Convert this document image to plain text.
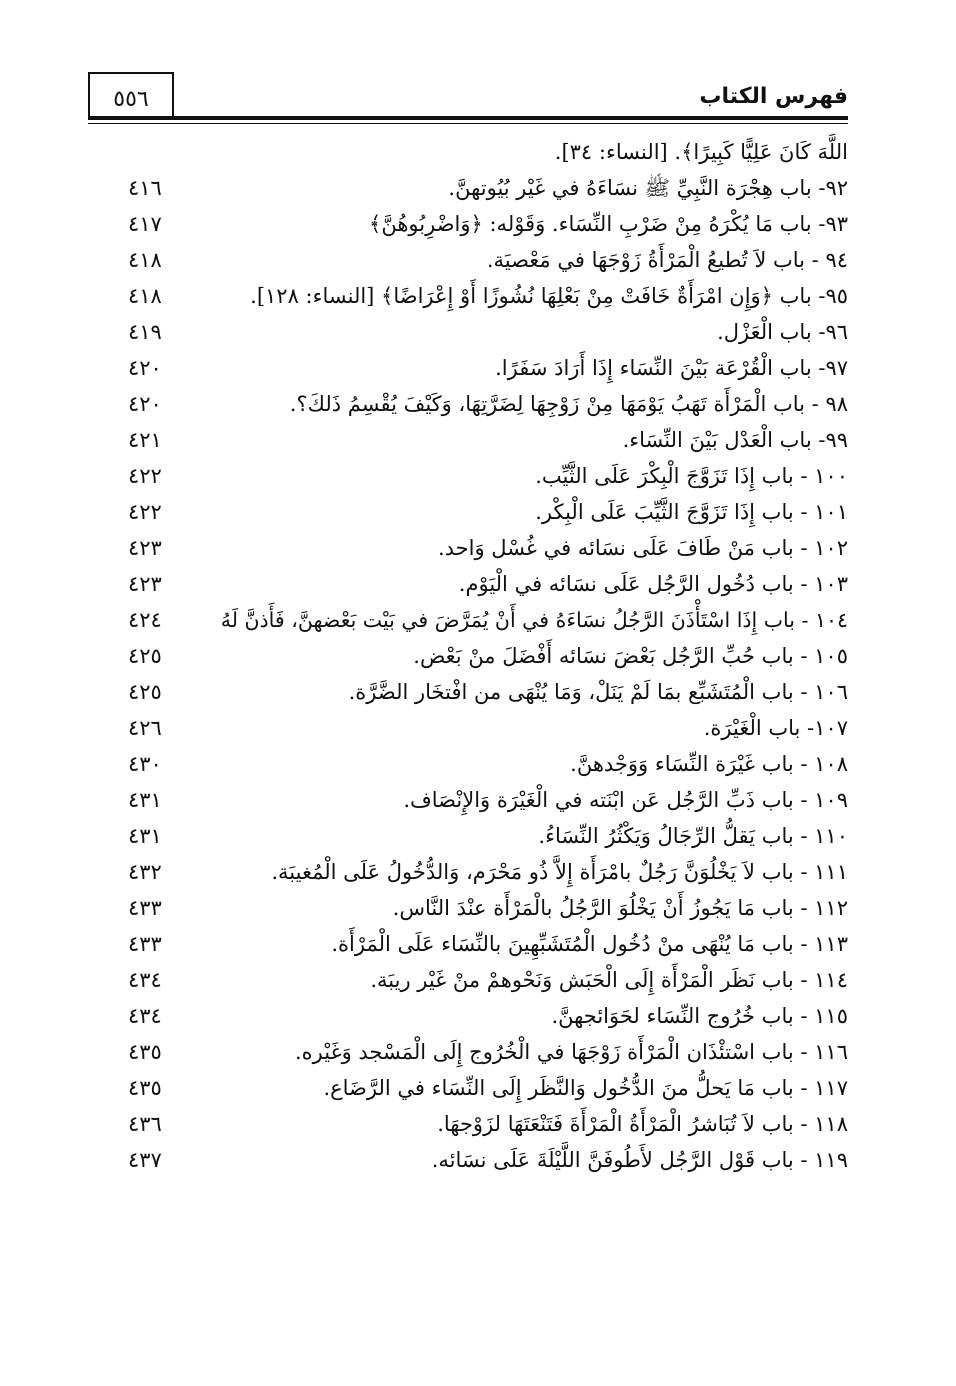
٥٥٦	فهرس الكتاب
اللَّهَ كَانَ عَلِيًّا كَبِيرًا﴾. [النساء: ٣٤].
٩٢- باب هِجْرَة النَّبِيِّ ﷺ نسَاءَهُ في غَيْر بُيُوتهنَّ.
٤١٦
٩٣- باب مَا يُكْرَهُ مِنْ ضَرْبِ النِّسَاء. وَقَوْله: ﴿وَاضْرِبُوهُنَّ﴾
٤١٧
٩٤ - باب لاَ تُطيعُ الْمَرْأَةُ زَوْجَهَا في مَعْصيَة.
٤١٨
٩٥- باب ﴿وَإِن امْرَأَةٌ خَافَتْ مِنْ بَعْلِهَا نُشُوزًا أَوْ إِعْرَاضًا﴾ [النساء: ١٢٨].
٤١٨
٩٦- باب الْعَزْل.
٤١٩
٩٧- باب الْقُرْعَة بَيْنَ النِّسَاء إِذَا أَرَادَ سَفَرًا.
٤٢٠
٩٨ - باب الْمَرْأَة تَهَبُ يَوْمَهَا مِنْ زَوْجِهَا لِضَرَّتِهَا، وَكَيْفَ يُقْسِمُ ذَلكَ؟.
٤٢٠
٩٩- باب الْعَدْل بَيْنَ النِّسَاء.
٤٢١
١٠٠ - باب إِذَا تَزَوَّجَ الْبِكْرَ عَلَى الثَّيِّب.
٤٢٢
١٠١ - باب إِذَا تَزَوَّجَ الثَّيِّبَ عَلَى الْبِكْر.
٤٢٢
١٠٢ - باب مَنْ طَافَ عَلَى نسَائه في غُسْل وَاحد.
٤٢٣
١٠٣ - باب دُخُول الرَّجُل عَلَى نسَائه في الْيَوْم.
٤٢٣
١٠٤ - باب إِذَا اسْتَأْذَنَ الرَّجُلُ نسَاءَهُ في أَنْ يُمَرَّضَ في بَيْت بَعْضهنَّ، فَأَذنَّ لَهُ
٤٢٤
١٠٥ - باب حُبِّ الرَّجُل بَعْضَ نسَائه أَفْضَلَ منْ بَعْض.
٤٢٥
١٠٦ - باب الْمُتَشَبِّع بمَا لَمْ يَنَلْ، وَمَا يُنْهَى من افْتخَار الضَّرَّة.
٤٢٥
١٠٧- باب الْغَيْرَة.
٤٢٦
١٠٨ - باب غَيْرَة النِّسَاء وَوَجْدهنَّ.
٤٣٠
١٠٩ - باب ذَبِّ الرَّجُل عَن ابْنَته في الْغَيْرَة وَالإِنْصَاف.
٤٣١
١١٠ - باب يَقلُّ الرِّجَالُ وَيَكْثُرُ النِّسَاءُ.
٤٣١
١١١ - باب لاَ يَخْلُوَنَّ رَجُلٌ بامْرَأَة إِلاَّ ذُو مَحْرَم، وَالدُّخُولُ عَلَى الْمُغيبَة.
٤٣٢
١١٢ - باب مَا يَجُوزُ أَنْ يَخْلُوَ الرَّجُلُ بالْمَرْأَة عنْدَ النَّاس.
٤٣٣
١١٣ - باب مَا يُنْهَى منْ دُخُول الْمُتَشَبِّهِينَ بالنِّسَاء عَلَى الْمَرْأَة.
٤٣٣
١١٤ - باب نَظَر الْمَرْأَة إِلَى الْحَبَش وَنَحْوهمْ منْ غَيْر ريبَة.
٤٣٤
١١٥ - باب خُرُوج النِّسَاء لحَوَائجهنَّ.
٤٣٤
١١٦ - باب اسْتئْذَان الْمَرْأَة زَوْجَهَا في الْخُرُوج إِلَى الْمَسْجد وَغَيْره.
٤٣٥
١١٧ - باب مَا يَحلُّ منَ الدُّخُول وَالنَّظَر إِلَى النِّسَاء في الرَّضَاع.
٤٣٥
١١٨ - باب لاَ تُبَاشرُ الْمَرْأَةُ الْمَرْأَةَ فَتَنْعَتَهَا لزَوْجهَا.
٤٣٦
١١٩ - باب قَوْل الرَّجُل لأَطُوفَنَّ اللَّيْلَةَ عَلَى نسَائه.
٤٣٧
